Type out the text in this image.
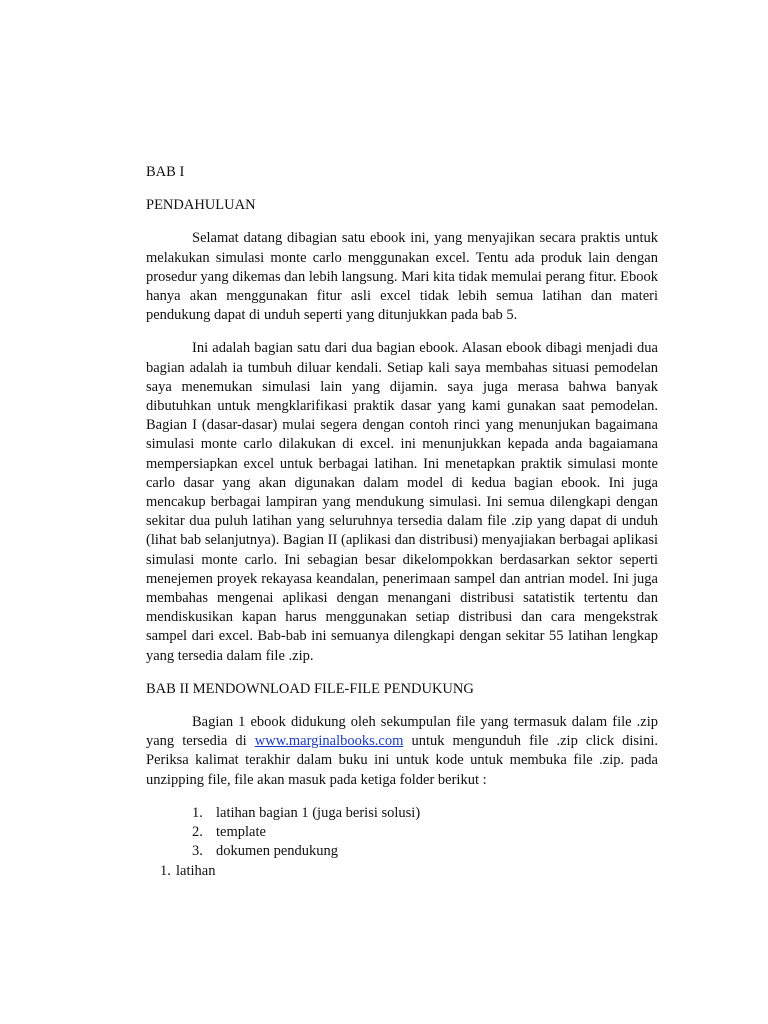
BAB I

PENDAHULUAN

Selamat datang dibagian satu ebook ini, yang menyajikan secara praktis untuk melakukan simulasi monte carlo menggunakan excel. Tentu ada produk lain dengan prosedur yang dikemas dan lebih langsung. Mari kita tidak memulai perang fitur. Ebook hanya akan menggunakan fitur asli excel tidak lebih semua latihan dan materi pendukung dapat di unduh seperti yang ditunjukkan pada bab 5.

Ini adalah bagian satu dari dua bagian ebook. Alasan ebook dibagi menjadi dua bagian adalah ia tumbuh diluar kendali. Setiap kali saya membahas situasi pemodelan saya menemukan simulasi lain yang dijamin. saya juga merasa bahwa banyak dibutuhkan untuk mengklarifikasi praktik dasar yang kami gunakan saat pemodelan. Bagian I (dasar-dasar) mulai segera dengan contoh rinci yang menunjukan bagaimana simulasi monte carlo dilakukan di excel. ini menunjukkan kepada anda bagaiamana mempersiapkan excel untuk berbagai latihan. Ini menetapkan praktik simulasi monte carlo dasar yang akan digunakan dalam model di kedua bagian ebook. Ini juga mencakup berbagai lampiran yang mendukung simulasi. Ini semua dilengkapi dengan sekitar dua puluh latihan yang seluruhnya tersedia dalam file .zip yang dapat di unduh (lihat bab selanjutnya). Bagian II (aplikasi dan distribusi) menyajiakan berbagai aplikasi simulasi monte carlo. Ini sebagian besar dikelompokkan berdasarkan sektor seperti menejemen proyek rekayasa keandalan, penerimaan sampel dan antrian model. Ini juga membahas mengenai aplikasi dengan menangani distribusi satatistik tertentu dan mendiskusikan kapan harus menggunakan setiap distribusi dan cara mengekstrak sampel dari excel. Bab-bab ini semuanya dilengkapi dengan sekitar 55 latihan lengkap yang tersedia dalam file .zip.

BAB II MENDOWNLOAD FILE-FILE PENDUKUNG

Bagian 1 ebook didukung oleh sekumpulan file yang termasuk dalam file .zip yang tersedia di www.marginalbooks.com untuk mengunduh file .zip click disini. Periksa kalimat terakhir dalam buku ini untuk kode untuk membuka file .zip. pada unzipping file, file akan masuk pada ketiga folder berikut :

1. latihan bagian 1 (juga berisi solusi)
2. template
3. dokumen pendukung
1. latihan
